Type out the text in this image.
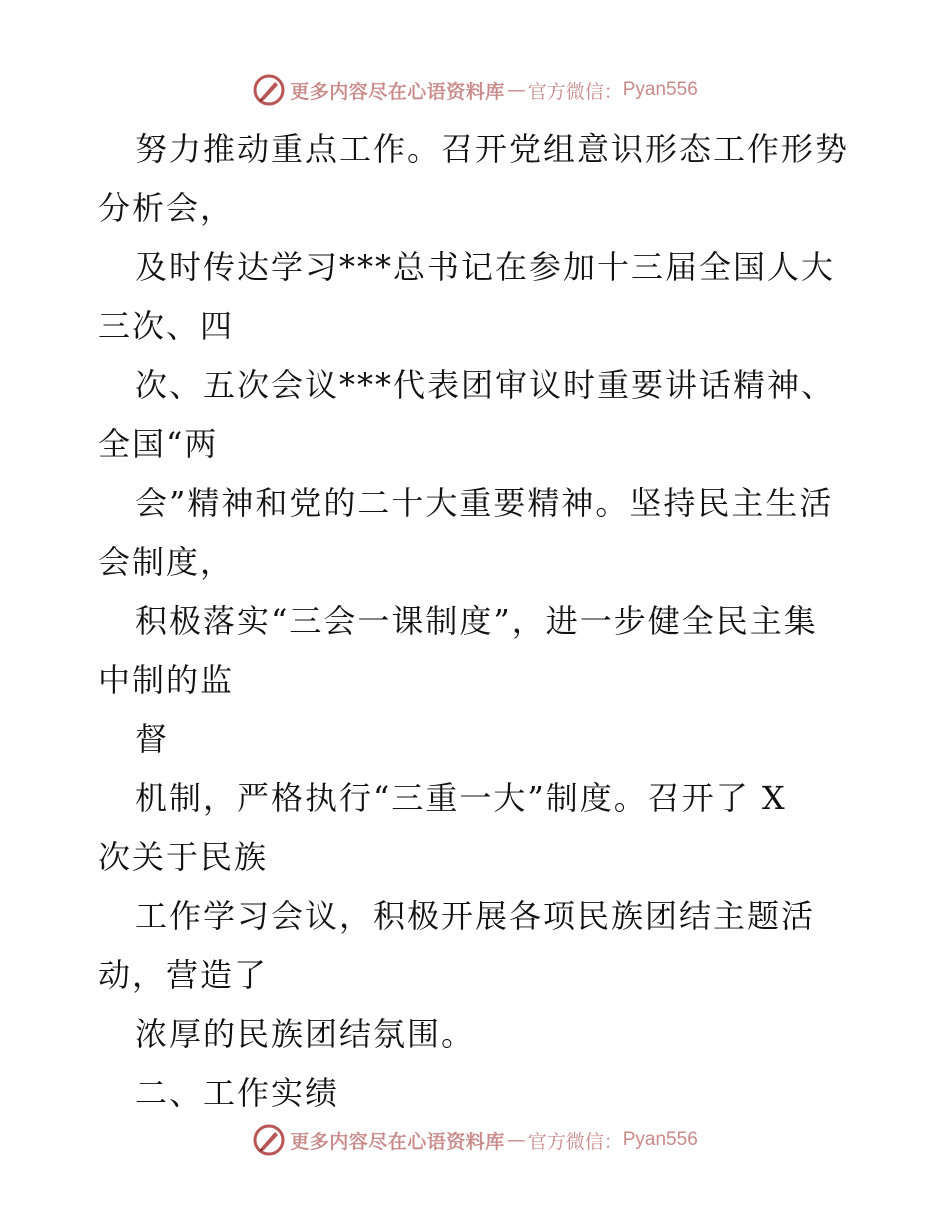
更多内容尽在心语资料库 — 官方微信： Pyan556
努力推动重点工作。召开党组意识形态工作形势
分析会，
及时传达学习***总书记在参加十三届全国人大
三次、四
次、五次会议***代表团审议时重要讲话精神、
全国“两
会”精神和党的二十大重要精神。坚持民主生活
会制度，
积极落实“三会一课制度”，进一步健全民主集
中制的监
督
机制，严格执行“三重一大”制度。召开了 X
次关于民族
工作学习会议，积极开展各项民族团结主题活
动，营造了
浓厚的民族团结氛围。
二、工作实绩
更多内容尽在心语资料库 — 官方微信： Pyan556
